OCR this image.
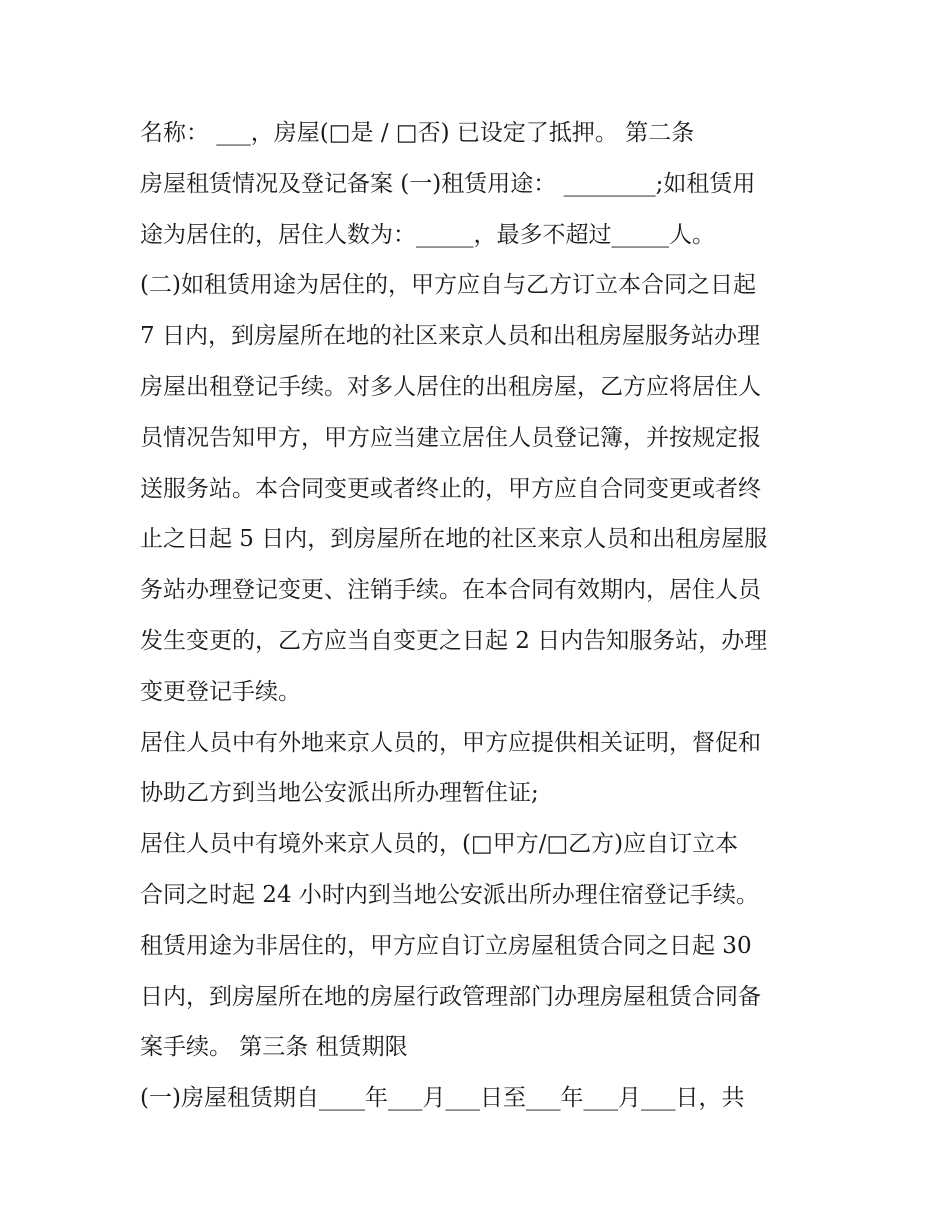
名称： ___，房屋(□是 / □否) 已设定了抵押。 第二条
房屋租赁情况及登记备案 (一)租赁用途： ________;如租赁用
途为居住的，居住人数为：_____，最多不超过_____人。
(二)如租赁用途为居住的，甲方应自与乙方订立本合同之日起
7 日内，到房屋所在地的社区来京人员和出租房屋服务站办理
房屋出租登记手续。对多人居住的出租房屋，乙方应将居住人
员情况告知甲方，甲方应当建立居住人员登记簿，并按规定报
送服务站。本合同变更或者终止的，甲方应自合同变更或者终
止之日起 5 日内，到房屋所在地的社区来京人员和出租房屋服
务站办理登记变更、注销手续。在本合同有效期内，居住人员
发生变更的，乙方应当自变更之日起 2 日内告知服务站，办理
变更登记手续。
居住人员中有外地来京人员的，甲方应提供相关证明，督促和
协助乙方到当地公安派出所办理暂住证;
居住人员中有境外来京人员的，(□甲方/□乙方)应自订立本
合同之时起 24 小时内到当地公安派出所办理住宿登记手续。
租赁用途为非居住的，甲方应自订立房屋租赁合同之日起 30
日内，到房屋所在地的房屋行政管理部门办理房屋租赁合同备
案手续。 第三条 租赁期限
(一)房屋租赁期自____年___月___日至___年___月___日，共
